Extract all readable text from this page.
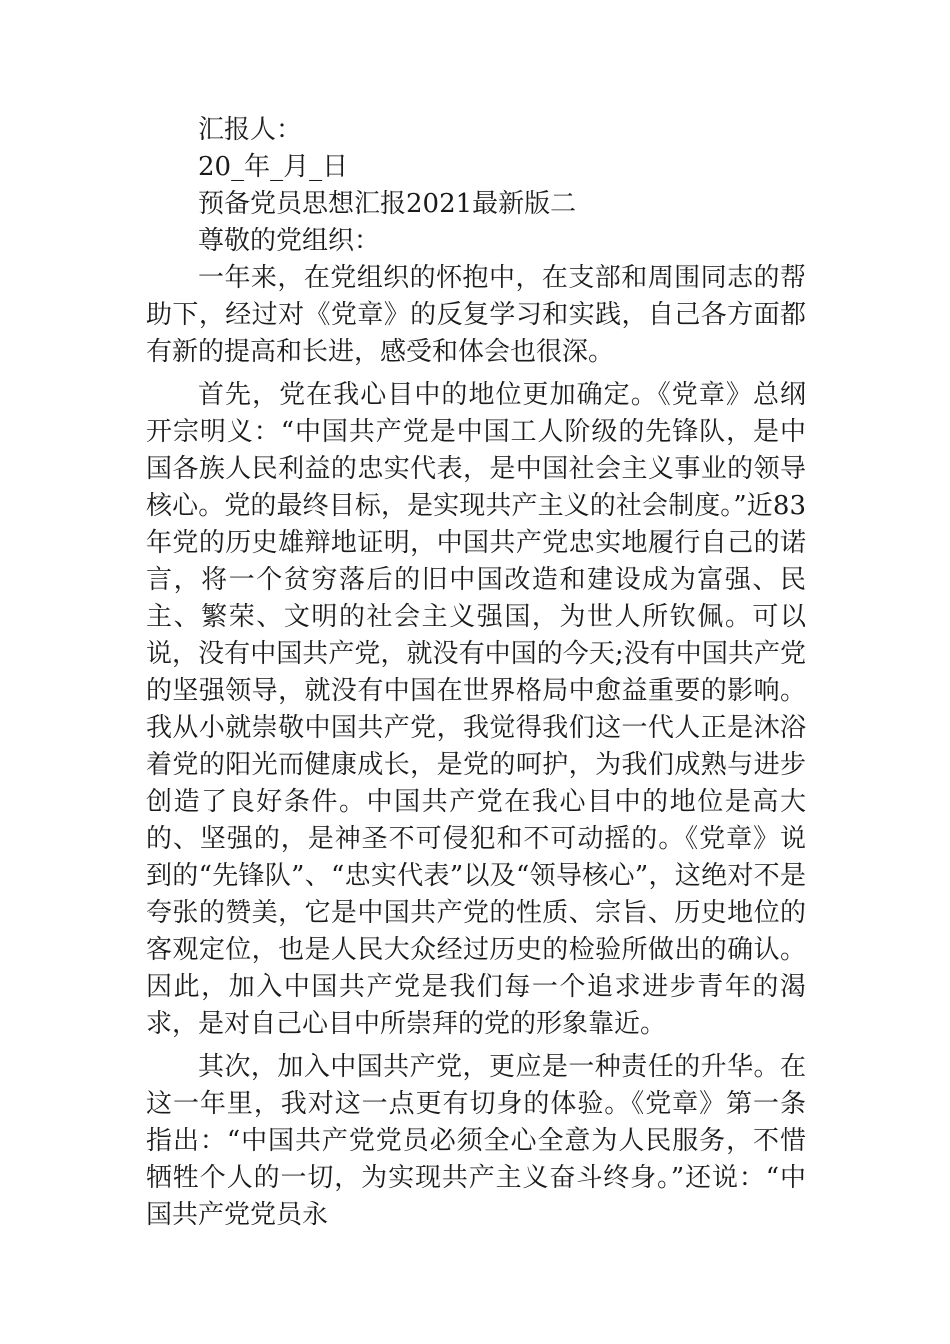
汇报人：
20_年_月_日
预备党员思想汇报2021最新版二
尊敬的党组织：

一年来，在党组织的怀抱中，在支部和周围同志的帮助下，经过对《党章》的反复学习和实践，自己各方面都有新的提高和长进，感受和体会也很深。

首先，党在我心目中的地位更加确定。《党章》总纲开宗明义：“中国共产党是中国工人阶级的先锋队，是中国各族人民利益的忠实代表，是中国社会主义事业的领导核心。党的最终目标，是实现共产主义的社会制度。”近83年党的历史雄辩地证明，中国共产党忠实地履行自己的诺言，将一个贫穷落后的旧中国改造和建设成为富强、民主、繁荣、文明的社会主义强国，为世人所钦佩。可以说，没有中国共产党，就没有中国的今天;没有中国共产党的坚强领导，就没有中国在世界格局中愈益重要的影响。我从小就崇敬中国共产党，我觉得我们这一代人正是沐浴着党的阳光而健康成长，是党的呵护，为我们成熟与进步创造了良好条件。中国共产党在我心目中的地位是高大的、坚强的，是神圣不可侵犯和不可动摇的。《党章》说到的“先锋队”、“忠实代表”以及“领导核心”，这绝对不是夸张的赞美，它是中国共产党的性质、宗旨、历史地位的客观定位，也是人民大众经过历史的检验所做出的确认。因此，加入中国共产党是我们每一个追求进步青年的渴求，是对自己心目中所崇拜的党的形象靠近。

其次，加入中国共产党，更应是一种责任的升华。在这一年里，我对这一点更有切身的体验。《党章》第一条指出：“中国共产党党员必须全心全意为人民服务，不惜牺牲个人的一切，为实现共产主义奋斗终身。”还说：“中国共产党党员永
